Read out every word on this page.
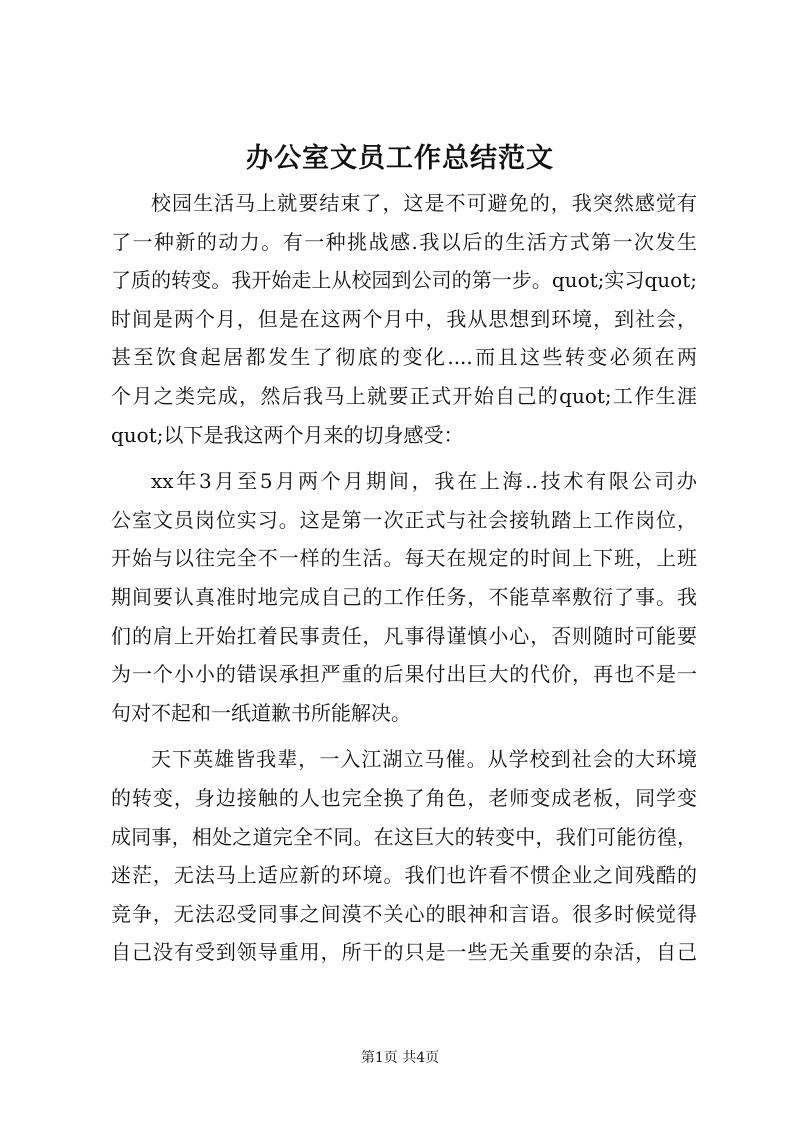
办公室文员工作总结范文
校园生活马上就要结束了，这是不可避免的，我突然感觉有
了一种新的动力。有一种挑战感.我以后的生活方式第一次发生
了质的转变。我开始走上从校园到公司的第一步。quot;实习quot;
时间是两个月，但是在这两个月中，我从思想到环境，到社会，
甚至饮食起居都发生了彻底的变化....而且这些转变必须在两
个月之类完成，然后我马上就要正式开始自己的quot;工作生涯
quot;以下是我这两个月来的切身感受：
xx年3月至5月两个月期间，我在上海..技术有限公司办
公室文员岗位实习。这是第一次正式与社会接轨踏上工作岗位，
开始与以往完全不一样的生活。每天在规定的时间上下班，上班
期间要认真准时地完成自己的工作任务，不能草率敷衍了事。我
们的肩上开始扛着民事责任，凡事得谨慎小心，否则随时可能要
为一个小小的错误承担严重的后果付出巨大的代价，再也不是一
句对不起和一纸道歉书所能解决。
天下英雄皆我辈，一入江湖立马催。从学校到社会的大环境
的转变，身边接触的人也完全换了角色，老师变成老板，同学变
成同事，相处之道完全不同。在这巨大的转变中，我们可能彷徨，
迷茫，无法马上适应新的环境。我们也许看不惯企业之间残酷的
竞争，无法忍受同事之间漠不关心的眼神和言语。很多时候觉得
自己没有受到领导重用，所干的只是一些无关重要的杂活，自己
第1页 共4页
